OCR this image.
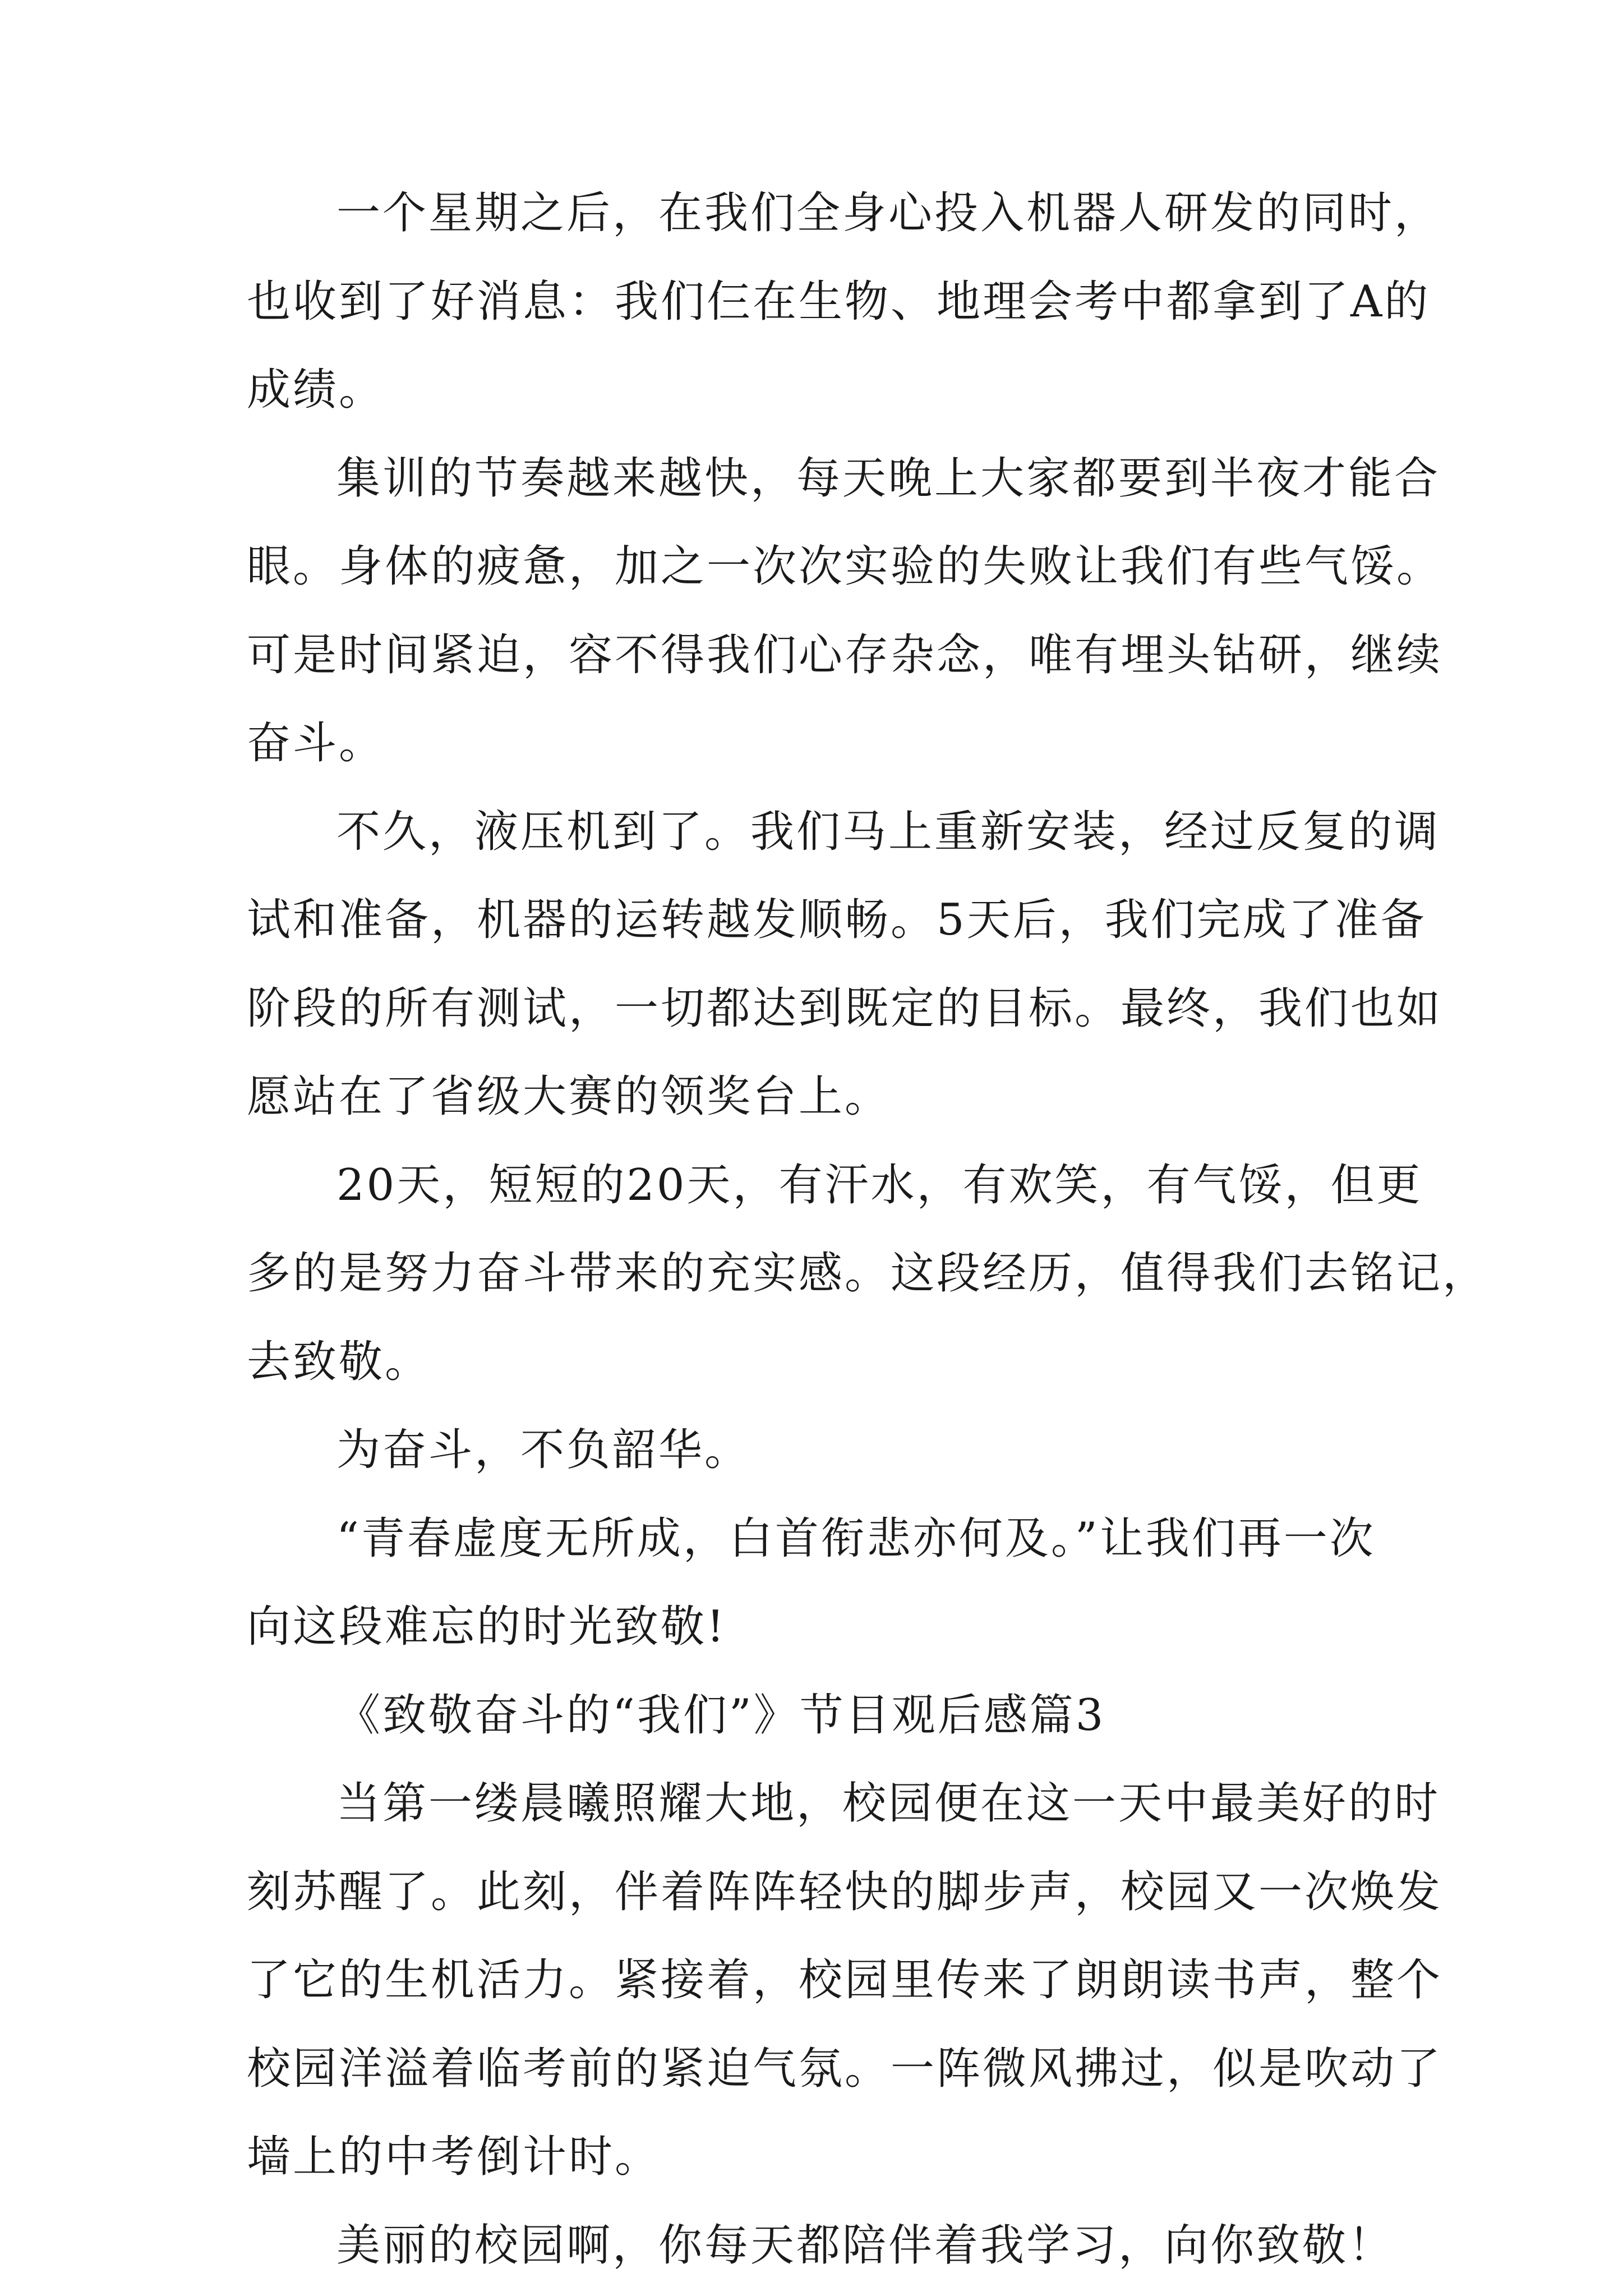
一个星期之后，在我们全身心投入机器人研发的同时，
也收到了好消息：我们仨在生物、地理会考中都拿到了A的
成绩。
集训的节奏越来越快，每天晚上大家都要到半夜才能合
眼。身体的疲惫，加之一次次实验的失败让我们有些气馁。
可是时间紧迫，容不得我们心存杂念，唯有埋头钻研，继续
奋斗。
不久，液压机到了。我们马上重新安装，经过反复的调
试和准备，机器的运转越发顺畅。5天后，我们完成了准备
阶段的所有测试，一切都达到既定的目标。最终，我们也如
愿站在了省级大赛的领奖台上。
20天，短短的20天，有汗水，有欢笑，有气馁，但更
多的是努力奋斗带来的充实感。这段经历，值得我们去铭记，
去致敬。
为奋斗，不负韶华。
“青春虚度无所成，白首衔悲亦何及。”让我们再一次
向这段难忘的时光致敬!
《致敬奋斗的“我们”》节目观后感篇3
当第一缕晨曦照耀大地，校园便在这一天中最美好的时
刻苏醒了。此刻，伴着阵阵轻快的脚步声，校园又一次焕发
了它的生机活力。紧接着，校园里传来了朗朗读书声，整个
校园洋溢着临考前的紧迫气氛。一阵微风拂过，似是吹动了
墙上的中考倒计时。
美丽的校园啊，你每天都陪伴着我学习，向你致敬！
